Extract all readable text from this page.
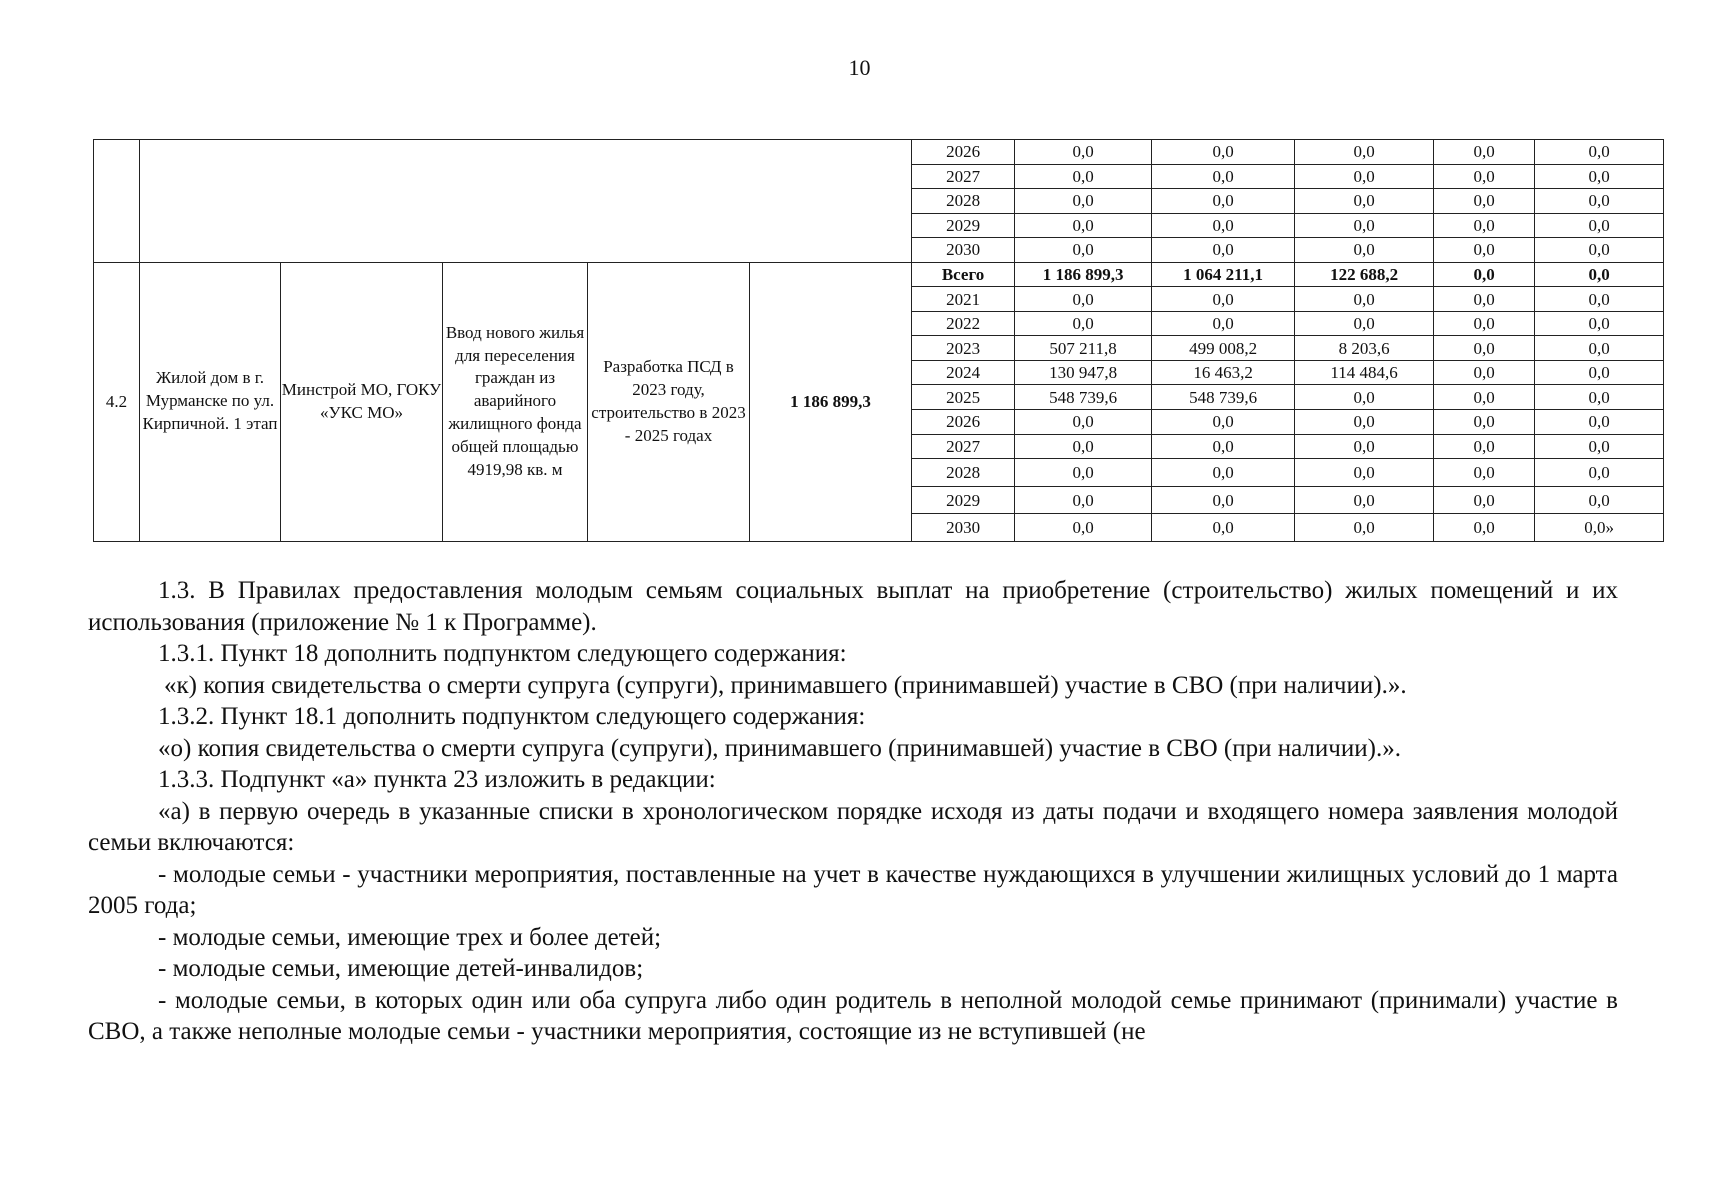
10
						2026	0,0	0,0	0,0	0,0	0,0
						2027	0,0	0,0	0,0	0,0	0,0
						2028	0,0	0,0	0,0	0,0	0,0
						2029	0,0	0,0	0,0	0,0	0,0
						2030	0,0	0,0	0,0	0,0	0,0
4.2	Жилой дом в г. Мурманске по ул. Кирпичной. 1 этап	Минстрой МО, ГОКУ «УКС МО»	Ввод нового жилья для переселения граждан из аварийного жилищного фонда общей площадью 4919,98 кв. м	Разработка ПСД в 2023 году, строительство в 2023 - 2025 годах	1 186 899,3	Всего	1 186 899,3	1 064 211,1	122 688,2	0,0	0,0
						2021	0,0	0,0	0,0	0,0	0,0
						2022	0,0	0,0	0,0	0,0	0,0
						2023	507 211,8	499 008,2	8 203,6	0,0	0,0
						2024	130 947,8	16 463,2	114 484,6	0,0	0,0
						2025	548 739,6	548 739,6	0,0	0,0	0,0
						2026	0,0	0,0	0,0	0,0	0,0
						2027	0,0	0,0	0,0	0,0	0,0
						2028	0,0	0,0	0,0	0,0	0,0
						2029	0,0	0,0	0,0	0,0	0,0
						2030	0,0	0,0	0,0	0,0	0,0»

1.3. В Правилах предоставления молодым семьям социальных выплат на приобретение (строительство) жилых помещений и их использования (приложение № 1 к Программе).

1.3.1. Пункт 18 дополнить подпунктом следующего содержания:

«к) копия свидетельства о смерти супруга (супруги), принимавшего (принимавшей) участие в СВО (при наличии).».

1.3.2. Пункт 18.1 дополнить подпунктом следующего содержания:

«о) копия свидетельства о смерти супруга (супруги), принимавшего (принимавшей) участие в СВО (при наличии).».

1.3.3. Подпункт «а» пункта 23 изложить в редакции:

«а) в первую очередь в указанные списки в хронологическом порядке исходя из даты подачи и входящего номера заявления молодой семьи включаются:

- молодые семьи - участники мероприятия, поставленные на учет в качестве нуждающихся в улучшении жилищных условий до 1 марта 2005 года;

- молодые семьи, имеющие трех и более детей;

- молодые семьи, имеющие детей-инвалидов;

- молодые семьи, в которых один или оба супруга либо один родитель в неполной молодой семье принимают (принимали) участие в СВО, а также неполные молодые семьи - участники мероприятия, состоящие из не вступившей (не
